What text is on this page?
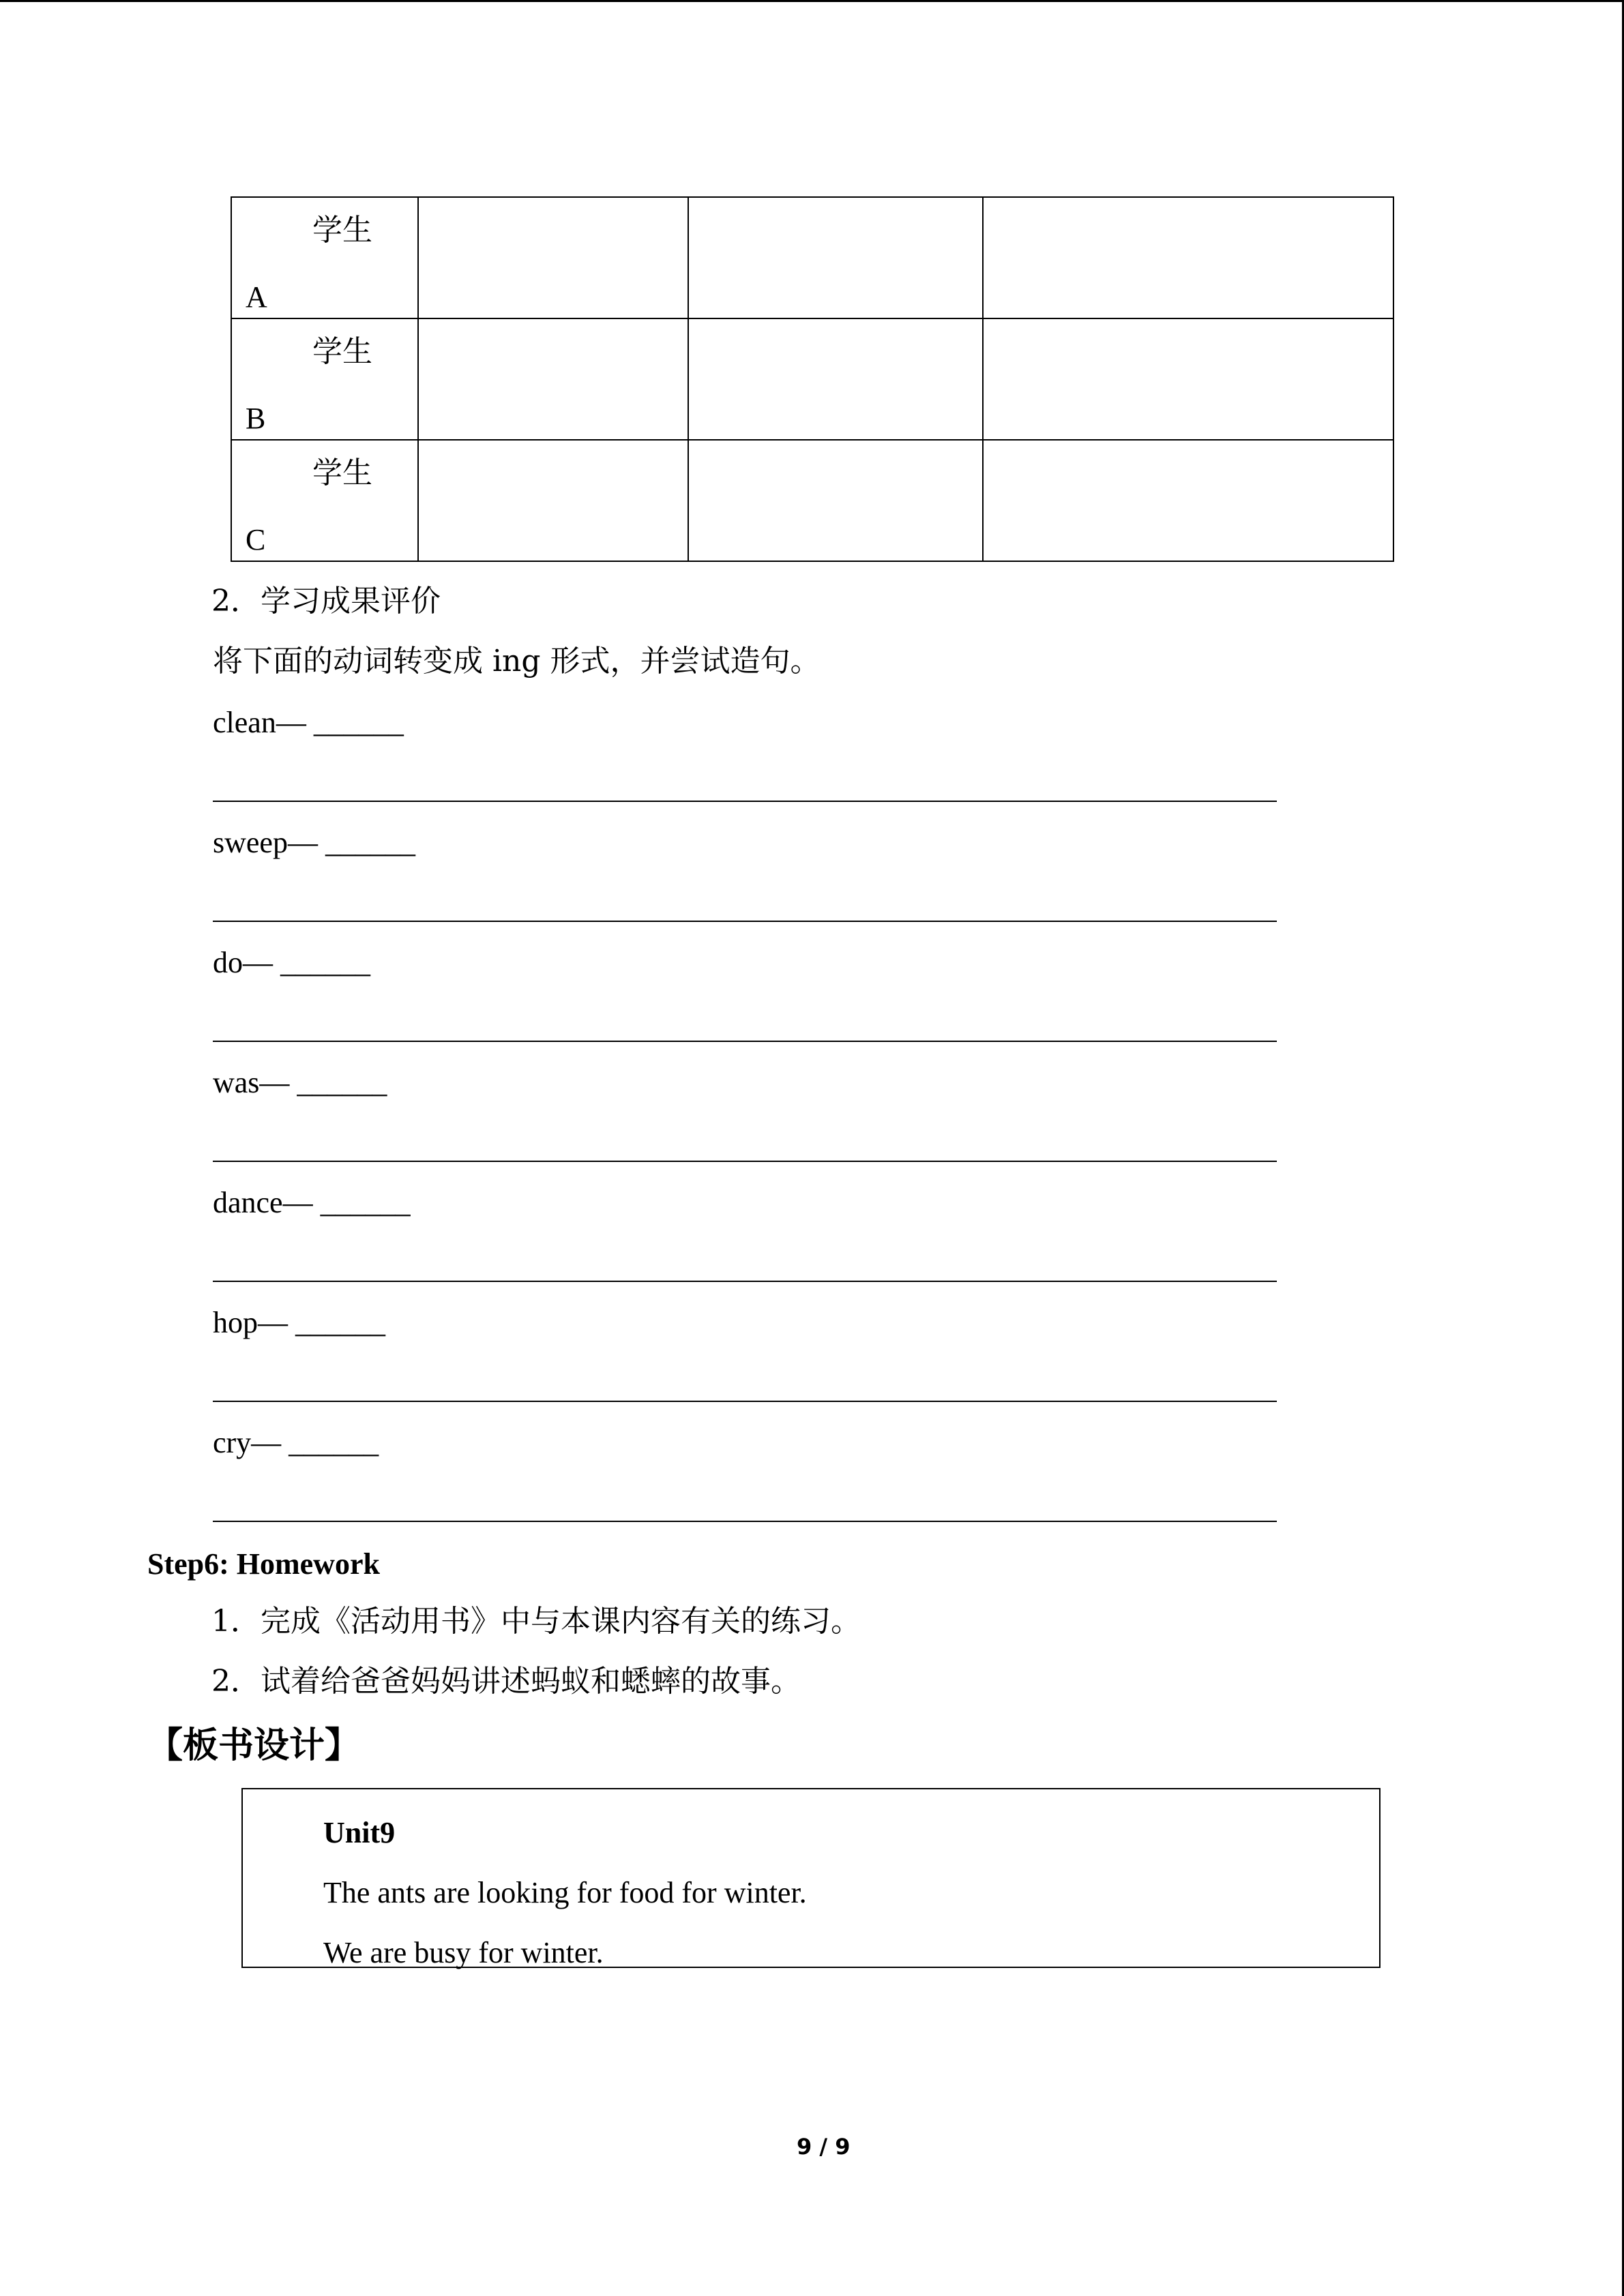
学生
A			

学生
B			

学生
C			

2．学习成果评价
将下面的动词转变成 ing 形式，并尝试造句。
clean— ______
sweep— ______
do— ______
was— ______
dance— ______
hop— ______
cry— ______
Step6: Homework
1．完成《活动用书》中与本课内容有关的练习。
2．试着给爸爸妈妈讲述蚂蚁和蟋蟀的故事。
【板书设计】
Unit9
The ants are looking for food for winter.
We are busy for winter.
9 / 9
